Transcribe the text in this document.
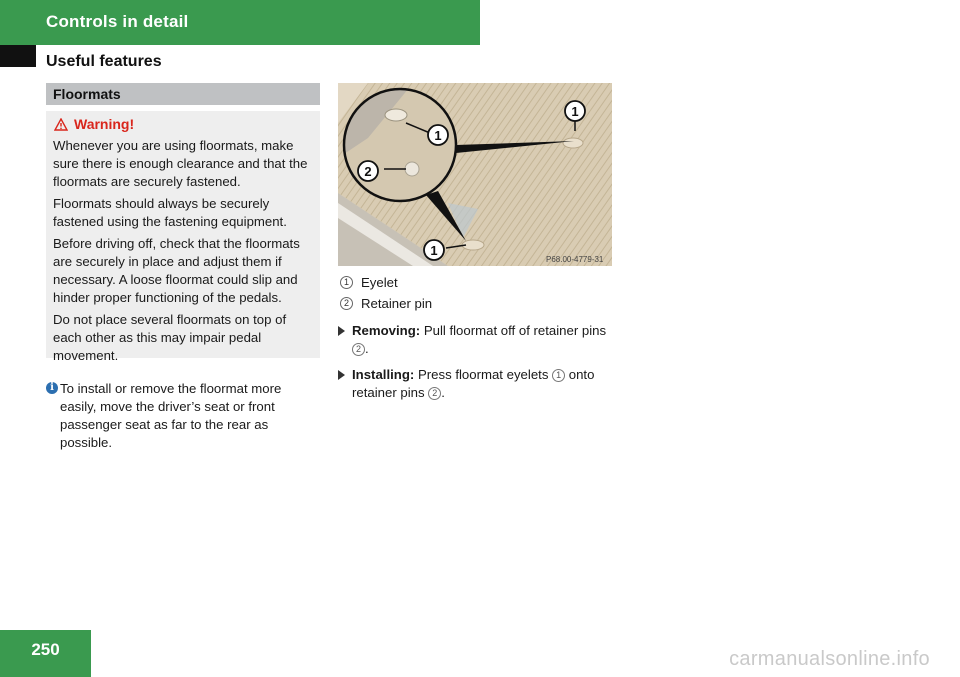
Controls in detail
Useful features
Floormats
Warning!

Whenever you are using floormats, make sure there is enough clearance and that the floormats are securely fastened.

Floormats should always be securely fastened using the fastening equipment.

Before driving off, check that the floormats are securely in place and adjust them if necessary. A loose floormat could slip and hinder proper functioning of the pedals.

Do not place several floormats on top of each other as this may impair pedal movement.

i To install or remove the floormat more easily, move the driver’s seat or front passenger seat as far to the rear as possible.
1
1
2
1
P68.00-4779-31
1 Eyelet
2 Retainer pin
Removing: Pull floormat off of retainer pins 2 .
Installing: Press floormat eyelets 1 onto retainer pins 2 .
250	carmanualsonline.info
